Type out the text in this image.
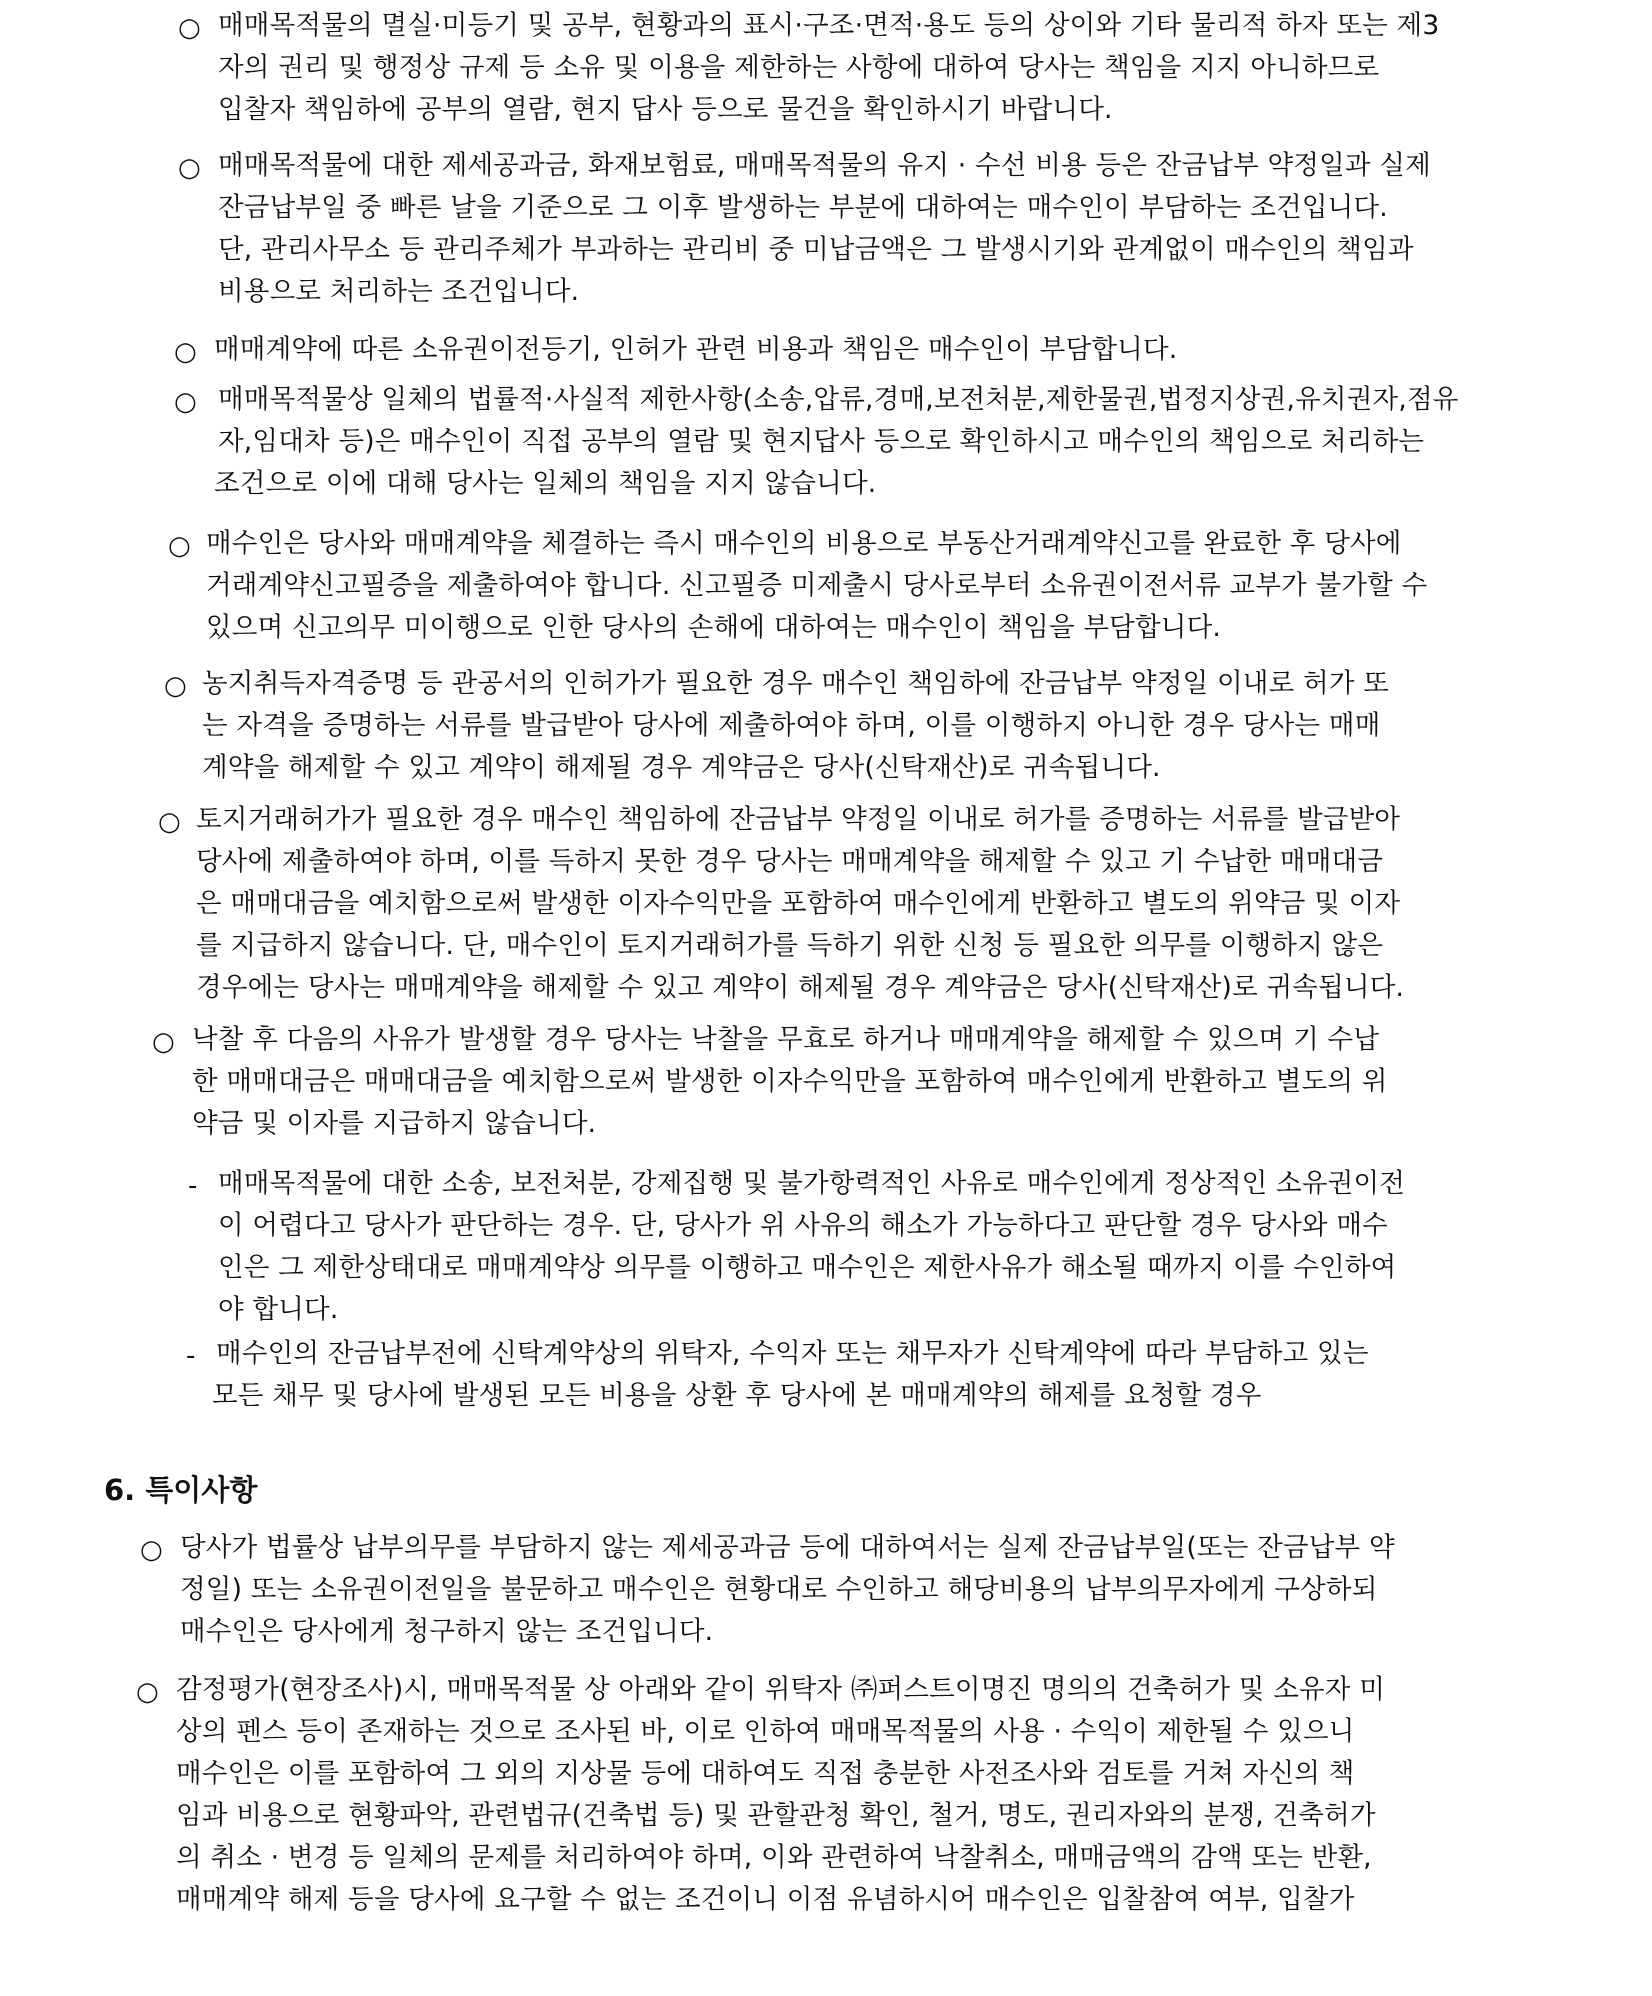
○ 매매목적물의 멸실·미등기 및 공부, 현황과의 표시·구조·면적·용도 등의 상이와 기타 물리적 하자 또는 제3
자의 권리 및 행정상 규제 등 소유 및 이용을 제한하는 사항에 대하여 당사는 책임을 지지 아니하므로
입찰자 책임하에 공부의 열람, 현지 답사 등으로 물건을 확인하시기 바랍니다.
○ 매매목적물에 대한 제세공과금, 화재보험료, 매매목적물의 유지 · 수선 비용 등은 잔금납부 약정일과 실제
잔금납부일 중 빠른 날을 기준으로 그 이후 발생하는 부분에 대하여는 매수인이 부담하는 조건입니다.
단, 관리사무소 등 관리주체가 부과하는 관리비 중 미납금액은 그 발생시기와 관계없이 매수인의 책임과
비용으로 처리하는 조건입니다.
○ 매매계약에 따른 소유권이전등기, 인허가 관련 비용과 책임은 매수인이 부담합니다.
○ 매매목적물상 일체의 법률적·사실적 제한사항(소송,압류,경매,보전처분,제한물권,법정지상권,유치권자,점유
자,임대차 등)은 매수인이 직접 공부의 열람 및 현지답사 등으로 확인하시고 매수인의 책임으로 처리하는
조건으로 이에 대해 당사는 일체의 책임을 지지 않습니다.
○ 매수인은 당사와 매매계약을 체결하는 즉시 매수인의 비용으로 부동산거래계약신고를 완료한 후 당사에
거래계약신고필증을 제출하여야 합니다. 신고필증 미제출시 당사로부터 소유권이전서류 교부가 불가할 수
있으며 신고의무 미이행으로 인한 당사의 손해에 대하여는 매수인이 책임을 부담합니다.
○ 농지취득자격증명 등 관공서의 인허가가 필요한 경우 매수인 책임하에 잔금납부 약정일 이내로 허가 또
는 자격을 증명하는 서류를 발급받아 당사에 제출하여야 하며, 이를 이행하지 아니한 경우 당사는 매매
계약을 해제할 수 있고 계약이 해제될 경우 계약금은 당사(신탁재산)로 귀속됩니다.
○ 토지거래허가가 필요한 경우 매수인 책임하에 잔금납부 약정일 이내로 허가를 증명하는 서류를 발급받아
당사에 제출하여야 하며, 이를 득하지 못한 경우 당사는 매매계약을 해제할 수 있고 기 수납한 매매대금
은 매매대금을 예치함으로써 발생한 이자수익만을 포함하여 매수인에게 반환하고 별도의 위약금 및 이자
를 지급하지 않습니다. 단, 매수인이 토지거래허가를 득하기 위한 신청 등 필요한 의무를 이행하지 않은
경우에는 당사는 매매계약을 해제할 수 있고 계약이 해제될 경우 계약금은 당사(신탁재산)로 귀속됩니다.
○ 낙찰 후 다음의 사유가 발생할 경우 당사는 낙찰을 무효로 하거나 매매계약을 해제할 수 있으며 기 수납
한 매매대금은 매매대금을 예치함으로써 발생한 이자수익만을 포함하여 매수인에게 반환하고 별도의 위
약금 및 이자를 지급하지 않습니다.
- 매매목적물에 대한 소송, 보전처분, 강제집행 및 불가항력적인 사유로 매수인에게 정상적인 소유권이전
이 어렵다고 당사가 판단하는 경우. 단, 당사가 위 사유의 해소가 가능하다고 판단할 경우 당사와 매수
인은 그 제한상태대로 매매계약상 의무를 이행하고 매수인은 제한사유가 해소될 때까지 이를 수인하여
야 합니다.
- 매수인의 잔금납부전에 신탁계약상의 위탁자, 수익자 또는 채무자가 신탁계약에 따라 부담하고 있는
모든 채무 및 당사에 발생된 모든 비용을 상환 후 당사에 본 매매계약의 해제를 요청할 경우
6. 특이사항
○ 당사가 법률상 납부의무를 부담하지 않는 제세공과금 등에 대하여서는 실제 잔금납부일(또는 잔금납부 약
정일) 또는 소유권이전일을 불문하고 매수인은 현황대로 수인하고 해당비용의 납부의무자에게 구상하되
매수인은 당사에게 청구하지 않는 조건입니다.
○ 감정평가(현장조사)시, 매매목적물 상 아래와 같이 위탁자 ㈜퍼스트이명진 명의의 건축허가 및 소유자 미
상의 펜스 등이 존재하는 것으로 조사된 바, 이로 인하여 매매목적물의 사용 · 수익이 제한될 수 있으니
매수인은 이를 포함하여 그 외의 지상물 등에 대하여도 직접 충분한 사전조사와 검토를 거쳐 자신의 책
임과 비용으로 현황파악, 관련법규(건축법 등) 및 관할관청 확인, 철거, 명도, 권리자와의 분쟁, 건축허가
의 취소 · 변경 등 일체의 문제를 처리하여야 하며, 이와 관련하여 낙찰취소, 매매금액의 감액 또는 반환,
매매계약 해제 등을 당사에 요구할 수 없는 조건이니 이점 유념하시어 매수인은 입찰참여 여부, 입찰가
